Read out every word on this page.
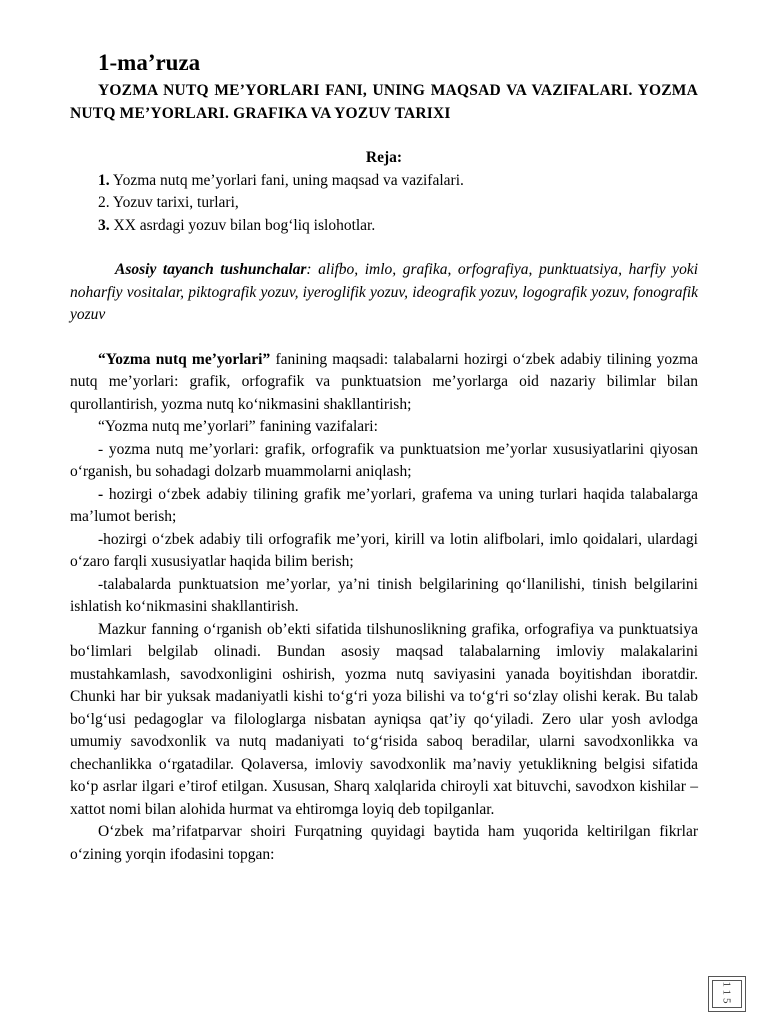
1-ma’ruza

YOZMA NUTQ ME’YORLARI FANI, UNING MAQSAD VA VAZIFALARI. YOZMA NUTQ ME’YORLARI. GRAFIKA VA YOZUV TARIXI

Reja:

1. Yozma nutq me’yorlari fani, uning maqsad va vazifalari.
2. Yozuv tarixi, turlari,
3. XX asrdagi yozuv bilan bog‘liq islohotlar.

Asosiy tayanch tushunchalar: alifbo, imlo, grafika, orfografiya, punktuatsiya, harfiy yoki noharfiy vositalar, piktografik yozuv, iyeroglifik yozuv, ideografik yozuv, logografik yozuv, fonografik yozuv

“Yozma nutq me’yorlari” fanining maqsadi: talabalarni hozirgi o‘zbek adabiy tilining yozma nutq me’yorlari: grafik, orfografik va punktuatsion me’yorlarga oid nazariy bilimlar bilan qurollantirish, yozma nutq ko‘nikmasini shakllantirish;

“Yozma nutq me’yorlari” fanining vazifalari:

- yozma nutq me’yorlari: grafik, orfografik va punktuatsion me’yorlar xususiyatlarini qiyosan o‘rganish, bu sohadagi dolzarb muammolarni aniqlash;

- hozirgi o‘zbek adabiy tilining grafik me’yorlari, grafema va uning turlari haqida talabalarga ma’lumot berish;

-hozirgi o‘zbek adabiy tili orfografik me’yori, kirill va lotin alifbolari, imlo qoidalari, ulardagi o‘zaro farqli xususiyatlar haqida bilim berish;

-talabalarda punktuatsion me’yorlar, ya’ni tinish belgilarining qo‘llanilishi, tinish belgilarini ishlatish ko‘nikmasini shakllantirish.

Mazkur fanning o‘rganish ob’ekti sifatida tilshunoslikning grafika, orfografiya va punktuatsiya bo‘limlari belgilab olinadi. Bundan asosiy maqsad talabalarning imloviy malakalarini mustahkamlash, savodxonligini oshirish, yozma nutq saviyasini yanada boyitishdan iboratdir. Chunki har bir yuksak madaniyatli kishi to‘g‘ri yoza bilishi va to‘g‘ri so‘zlay olishi kerak. Bu talab bo‘lg‘usi pedagoglar va filologlarga nisbatan ayniqsa qat’iy qo‘yiladi. Zero ular yosh avlodga umumiy savodxonlik va nutq madaniyati to‘g‘risida saboq beradilar, ularni savodxonlikka va chechanlikka o‘rgatadilar. Qolaversa, imloviy savodxonlik ma’naviy yetuklikning belgisi sifatida ko‘p asrlar ilgari e’tirof etilgan. Xususan, Sharq xalqlarida chiroyli xat bituvchi, savodxon kishilar – xattot nomi bilan alohida hurmat va ehtiromga loyiq deb topilganlar.

O‘zbek ma’rifatparvar shoiri Furqatning quyidagi baytida ham yuqorida keltirilgan fikrlar o‘zining yorqin ifodasini topgan:

115
